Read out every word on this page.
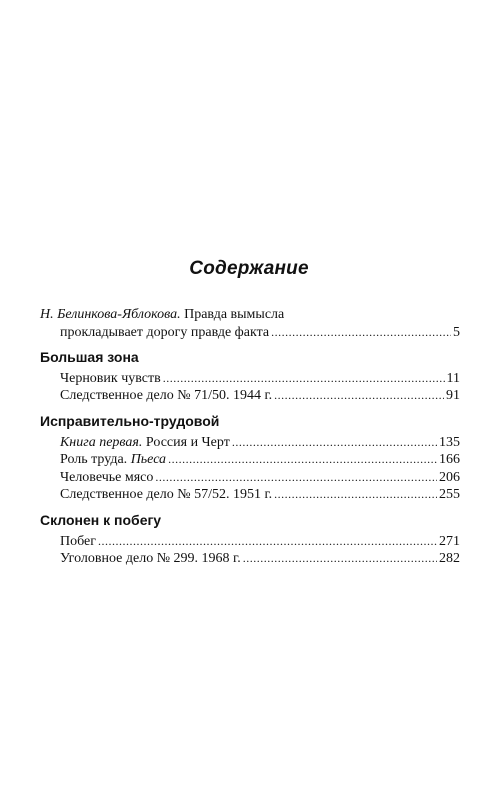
Содержание
Н. Белинкова-Яблокова.
Правда вымысла
прокладывает дорогу правде факта .....	5
Большая зона
Черновик чувств .....	11
Следственное дело № 71/50. 1944 г. .....	91
Исправительно-трудовой
Книга первая. Россия и Черт .....	135
Роль труда. Пьеса .....	166
Человечье мясо .....	206
Следственное дело № 57/52. 1951 г. .....	255
Склонен к побегу
Побег .....	271
Уголовное дело № 299. 1968 г. .....	282
